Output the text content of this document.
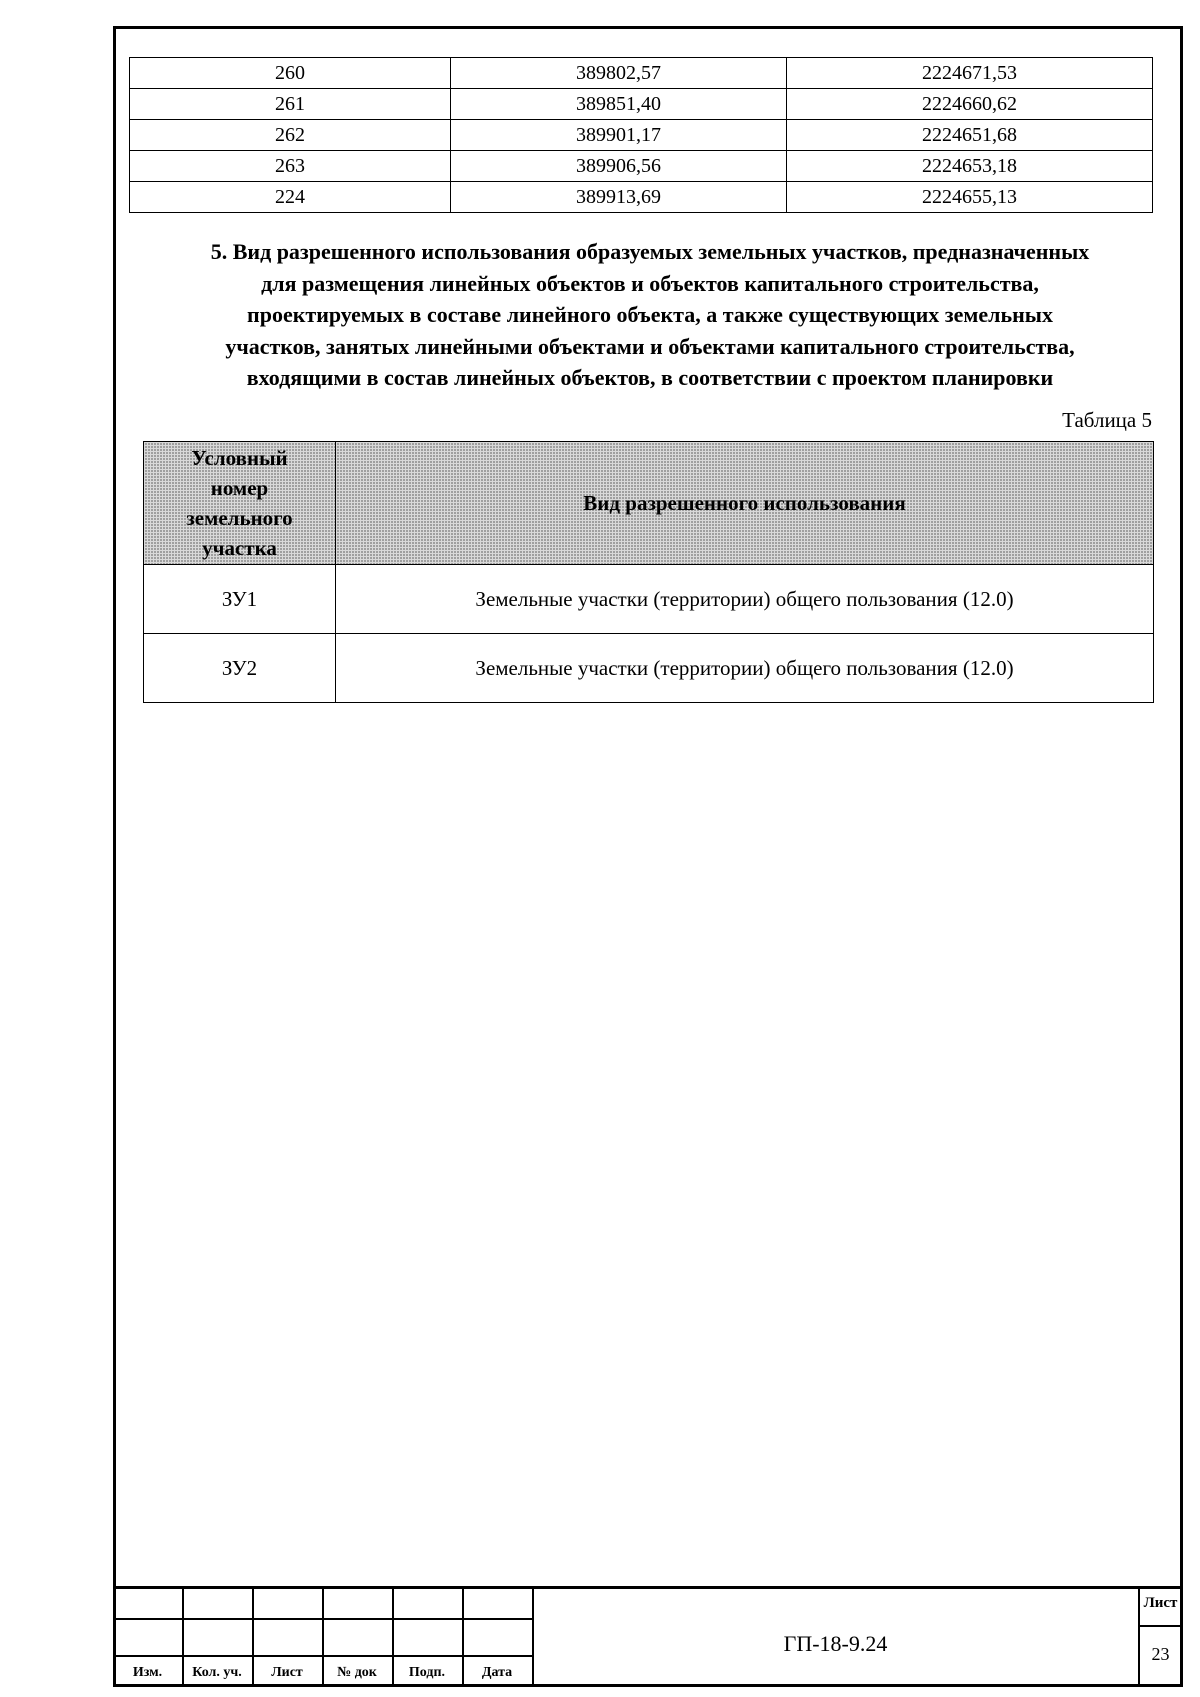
260	389802,57	2224671,53
261	389851,40	2224660,62
262	389901,17	2224651,68
263	389906,56	2224653,18
224	389913,69	2224655,13
5. Вид разрешенного использования образуемых земельных участков, предназначенных
для размещения линейных объектов и объектов капитального строительства,
проектируемых в составе линейного объекта, а также существующих земельных
участков, занятых линейными объектами и объектами капитального строительства,
входящими в состав линейных объектов, в соответствии с проектом планировки
Таблица 5
Условный
номер
земельного
участка	Вид разрешенного использования
ЗУ1	Земельные участки (территории) общего пользования (12.0)
ЗУ2	Земельные участки (территории) общего пользования (12.0)
Изм.	Кол. уч.	Лист	№ док	Подп.	Дата
ГП-18-9.24
Лист
23
